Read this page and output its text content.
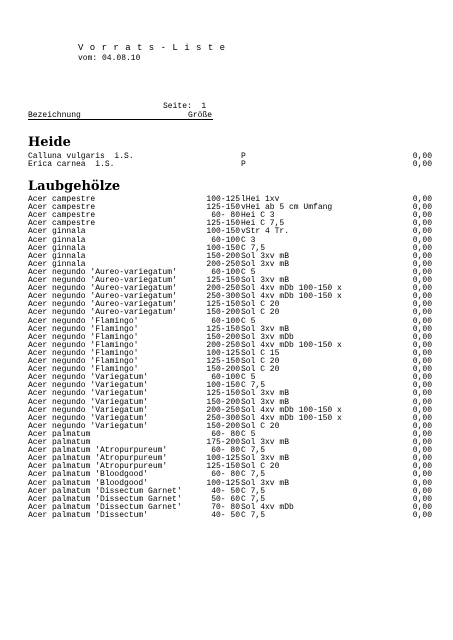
V o r r a t s - L i s t e
vom: 04.08.10
Seite:  1
Bezeichnung	Größe
Heide
Calluna vulgaris  i.S.	P	0,00
Erica carnea  i.S.	P	0,00
Laubgehölze
Acer campestre	100-125 lHei 1xv	0,00
Acer campestre	125-150 vHei ab 5 cm Umfang	0,00
Acer campestre	60- 80 Hei C 3	0,00
Acer campestre	125-150 Hei C 7,5	0,00
Acer ginnala	100-150 vStr 4 Tr.	0,00
Acer ginnala	60-100 C 3	0,00
Acer ginnala	100-150 C 7,5	0,00
Acer ginnala	150-200 Sol 3xv mB	0,00
Acer ginnala	200-250 Sol 3xv mB	0,00
Acer negundo 'Aureo-variegatum'	60-100 C 5	0,00
Acer negundo 'Aureo-variegatum'	125-150 Sol 3xv mB	0,00
Acer negundo 'Aureo-variegatum'	200-250 Sol 4xv mDb 100-150 x	0,00
Acer negundo 'Aureo-variegatum'	250-300 Sol 4xv mDb 100-150 x	0,00
Acer negundo 'Aureo-variegatum'	125-150 Sol C 20	0,00
Acer negundo 'Aureo-variegatum'	150-200 Sol C 20	0,00
Acer negundo 'Flamingo'	60-100 C 5	0,00
Acer negundo 'Flamingo'	125-150 Sol 3xv mB	0,00
Acer negundo 'Flamingo'	150-200 Sol 3xv mDb	0,00
Acer negundo 'Flamingo'	200-250 Sol 4xv mDb 100-150 x	0,00
Acer negundo 'Flamingo'	100-125 Sol C 15	0,00
Acer negundo 'Flamingo'	125-150 Sol C 20	0,00
Acer negundo 'Flamingo'	150-200 Sol C 20	0,00
Acer negundo 'Variegatum'	60-100 C 5	0,00
Acer negundo 'Variegatum'	100-150 C 7,5	0,00
Acer negundo 'Variegatum'	125-150 Sol 3xv mB	0,00
Acer negundo 'Variegatum'	150-200 Sol 3xv mB	0,00
Acer negundo 'Variegatum'	200-250 Sol 4xv mDb 100-150 x	0,00
Acer negundo 'Variegatum'	250-300 Sol 4xv mDb 100-150 x	0,00
Acer negundo 'Variegatum'	150-200 Sol C 20	0,00
Acer palmatum	60- 80 C 5	0,00
Acer palmatum	175-200 Sol 3xv mB	0,00
Acer palmatum 'Atropurpureum'	60- 80 C 7,5	0,00
Acer palmatum 'Atropurpureum'	100-125 Sol 3xv mB	0,00
Acer palmatum 'Atropurpureum'	125-150 Sol C 20	0,00
Acer palmatum 'Bloodgood'	60- 80 C 7,5	0,00
Acer palmatum 'Bloodgood'	100-125 Sol 3xv mB	0,00
Acer palmatum 'Dissectum Garnet'	40- 50 C 7,5	0,00
Acer palmatum 'Dissectum Garnet'	50- 60 C 7,5	0,00
Acer palmatum 'Dissectum Garnet'	70- 80 Sol 4xv mDb	0,00
Acer palmatum 'Dissectum'	40- 50 C 7,5	0,00
